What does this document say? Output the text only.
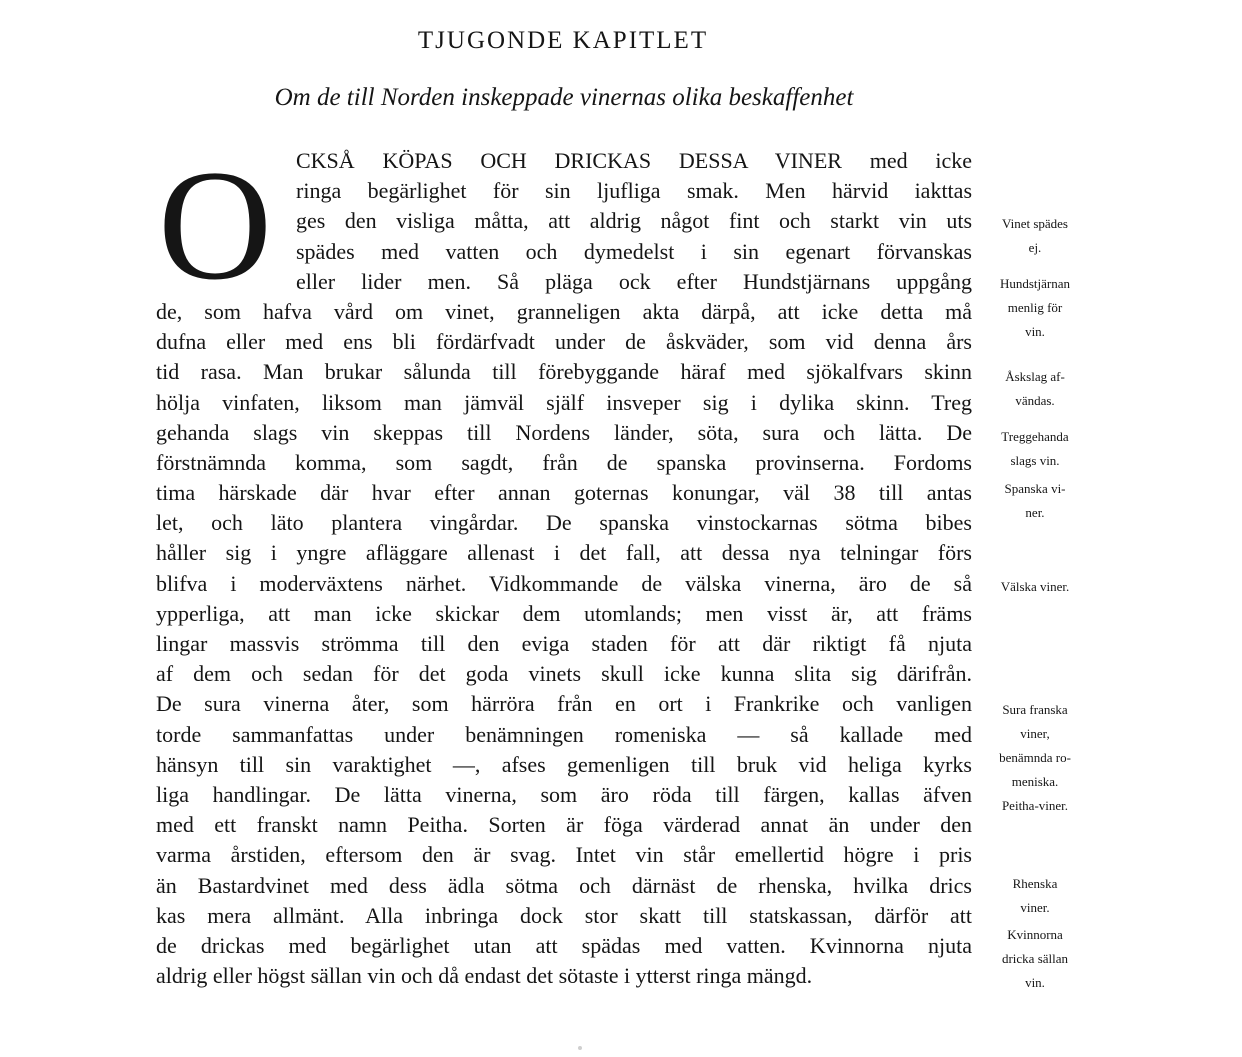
TJUGONDE KAPITLET
Om de till Norden inskeppade vinernas olika beskaffenhet
O CKSÅ KÖPAS OCH DRICKAS DESSA VINER med icke
ringa begärlighet för sin ljufliga smak. Men härvid iakttas
ges den visliga måtta, att aldrig något fint och starkt vin uts
spädes med vatten och dymedelst i sin egenart förvanskas
eller lider men. Så pläga ock efter Hundstjärnans uppgång
de, som hafva vård om vinet, granneligen akta därpå, att icke detta må
dufna eller med ens bli fördärfvadt under de åskväder, som vid denna års
tid rasa. Man brukar sålunda till förebyggande häraf med sjökalfvars skinn
hölja vinfaten, liksom man jämväl själf insveper sig i dylika skinn. Treg
gehanda slags vin skeppas till Nordens länder, söta, sura och lätta. De
förstnämnda komma, som sagdt, från de spanska provinserna. Fordoms
tima härskade där hvar efter annan goternas konungar, väl 38 till antas
let, och läto plantera vingårdar. De spanska vinstockarnas sötma bibes
håller sig i yngre afläggare allenast i det fall, att dessa nya telningar förs
blifva i moderväxtens närhet. Vidkommande de välska vinerna, äro de så
ypperliga, att man icke skickar dem utomlands; men visst är, att främs
lingar massvis strömma till den eviga staden för att där riktigt få njuta
af dem och sedan för det goda vinets skull icke kunna slita sig därifrån.
De sura vinerna åter, som härröra från en ort i Frankrike och vanligen
torde sammanfattas under benämningen romeniska — så kallade med
hänsyn till sin varaktighet —, afses gemenligen till bruk vid heliga kyrks
liga handlingar. De lätta vinerna, som äro röda till färgen, kallas äfven
med ett franskt namn Peitha. Sorten är föga värderad annat än under den
varma årstiden, eftersom den är svag. Intet vin står emellertid högre i pris
än Bastardvinet med dess ädla sötma och därnäst de rhenska, hvilka drics
kas mera allmänt. Alla inbringa dock stor skatt till statskassan, därför att
de drickas med begärlighet utan att spädas med vatten. Kvinnorna njuta
aldrig eller högst sällan vin och då endast det sötaste i ytterst ringa mängd.
Vinet spädes
ej.
Hundstjärnan
menlig för
vin.
Åskslag af-
vändas.
Treggehanda
slags vin.
Spanska vi-
ner.
Välska viner.
Sura franska
viner,
benämnda ro-
meniska.
Peitha-viner.
Rhenska
viner.
Kvinnorna
dricka sällan
vin.
